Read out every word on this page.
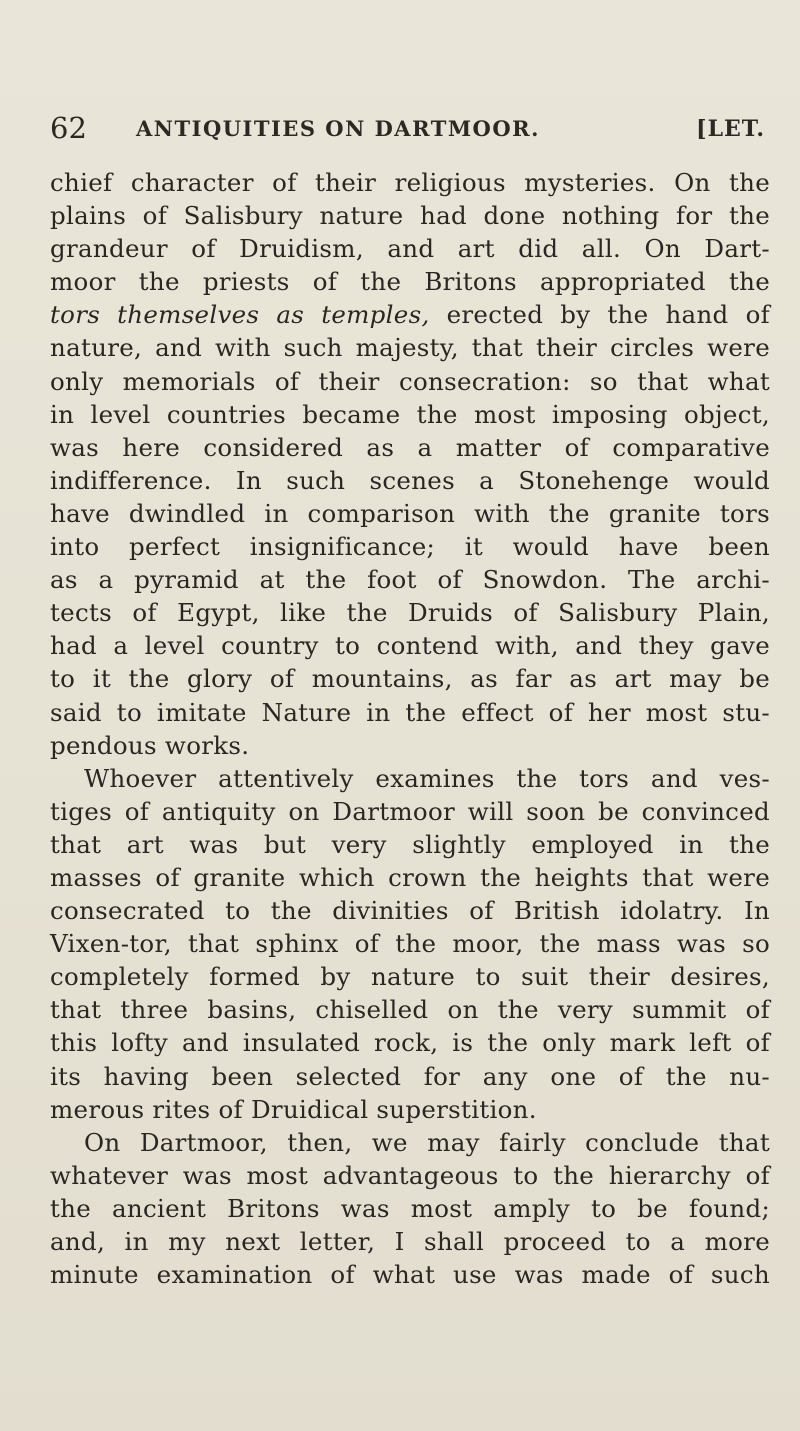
62 ANTIQUITIES ON DARTMOOR.	[LET.
chief character of their religious mysteries. On the
plains of Salisbury nature had done nothing for the
grandeur of Druidism, and art did all. On Dart-
moor the priests of the Britons appropriated the
tors themselves as temples, erected by the hand of
nature, and with such majesty, that their circles were
only memorials of their consecration: so that what
in level countries became the most imposing object,
was here considered as a matter of comparative
indifference. In such scenes a Stonehenge would
have dwindled in comparison with the granite tors
into perfect insignificance; it would have been
as a pyramid at the foot of Snowdon. The archi-
tects of Egypt, like the Druids of Salisbury Plain,
had a level country to contend with, and they gave
to it the glory of mountains, as far as art may be
said to imitate Nature in the effect of her most stu-
pendous works.
Whoever attentively examines the tors and ves-
tiges of antiquity on Dartmoor will soon be convinced
that art was but very slightly employed in the
masses of granite which crown the heights that were
consecrated to the divinities of British idolatry. In
Vixen-tor, that sphinx of the moor, the mass was so
completely formed by nature to suit their desires,
that three basins, chiselled on the very summit of
this lofty and insulated rock, is the only mark left of
its having been selected for any one of the nu-
merous rites of Druidical superstition.
On Dartmoor, then, we may fairly conclude that
whatever was most advantageous to the hierarchy of
the ancient Britons was most amply to be found;
and, in my next letter, I shall proceed to a more
minute examination of what use was made of such
